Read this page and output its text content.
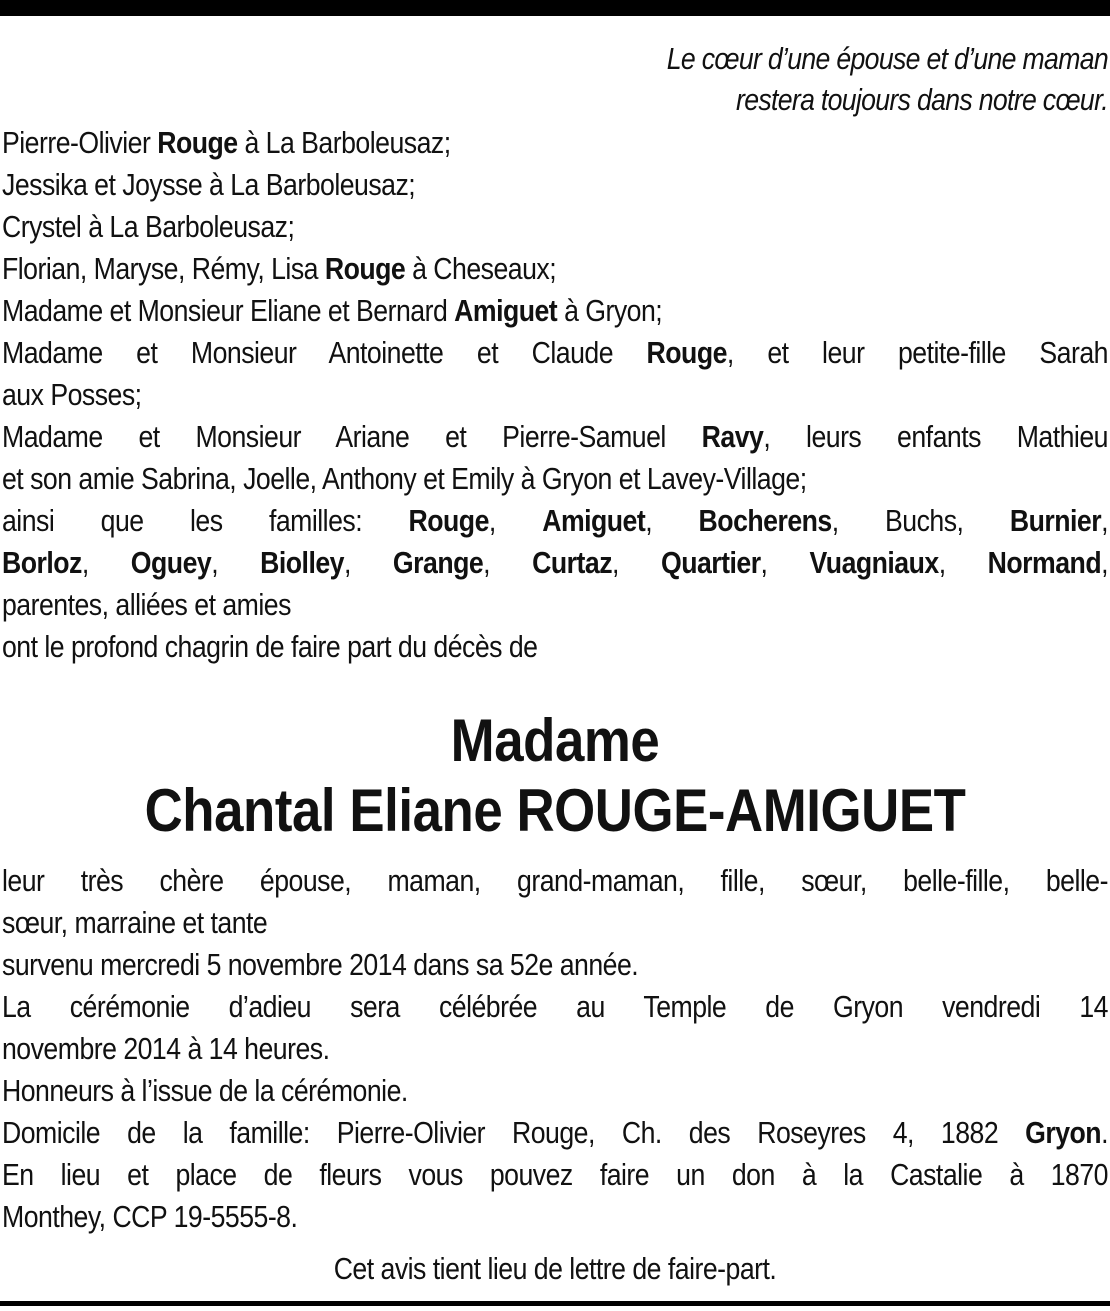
Le cœur d’une épouse et d’une maman
restera toujours dans notre cœur.
Pierre-Olivier Rouge à La Barboleusaz;
Jessika et Joysse à La Barboleusaz;
Crystel à La Barboleusaz;
Florian, Maryse, Rémy, Lisa Rouge à Cheseaux;
Madame et Monsieur Eliane et Bernard Amiguet à Gryon;
Madame et Monsieur Antoinette et Claude Rouge, et leur petite-fille Sarah
aux Posses;
Madame et Monsieur Ariane et Pierre-Samuel Ravy, leurs enfants Mathieu
et son amie Sabrina, Joelle, Anthony et Emily à Gryon et Lavey-Village;
ainsi que les familles: Rouge, Amiguet, Bocherens, Buchs, Burnier,
Borloz, Oguey, Biolley, Grange, Curtaz, Quartier, Vuagniaux, Normand,
parentes, alliées et amies
ont le profond chagrin de faire part du décès de
Madame
Chantal Eliane ROUGE-AMIGUET
leur très chère épouse, maman, grand-maman, fille, sœur, belle-fille, belle-
sœur, marraine et tante
survenu mercredi 5 novembre 2014 dans sa 52e année.
La cérémonie d’adieu sera célébrée au Temple de Gryon vendredi 14
novembre 2014 à 14 heures.
Honneurs à l’issue de la cérémonie.
Domicile de la famille: Pierre-Olivier Rouge, Ch. des Roseyres 4, 1882 Gryon.
En lieu et place de fleurs vous pouvez faire un don à la Castalie à 1870
Monthey, CCP 19-5555-8.
Cet avis tient lieu de lettre de faire-part.
